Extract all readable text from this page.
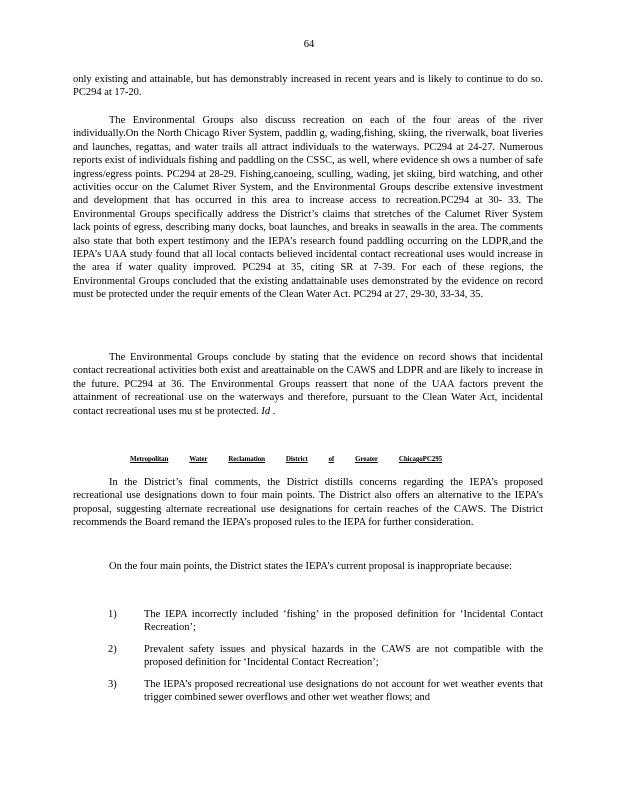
64

only existing and attainable, but has demonstrably increased in recent years and is likely to continue to do so. PC294 at 17-20.

The Environmental Groups also discuss recreation on each of the four areas of the river individually.On the North Chicago River System, paddlin g, wading,fishing, skiing, the riverwalk, boat liveries and launches, regattas, and water trails all attract individuals to the waterways. PC294 at 24-27. Numerous reports exist of individuals fishing and paddling on the CSSC, as well, where evidence sh ows a number of safe ingress/egress points. PC294 at 28-29. Fishing,canoeing, sculling, wading, jet skiing, bird watching, and other activities occur on the Calumet River System, and the Environmental Groups describe extensive investment and development that has occurred in this area to increase access to recreation.PC294 at 30- 33. The Environmental Groups specifically address the District’s claims that stretches of the Calumet River System lack points of egress, describing many docks, boat launches, and breaks in seawalls in the area. The comments also state that both expert testimony and the IEPA’s research found paddling occurring on the LDPR,and the IEPA’s UAA study found that all local contacts believed incidental contact recreational uses would increase in the area if water quality improved. PC294 at 35, citing SR at 7-39. For each of these regions, the Environmental Groups concluded that the existing andattainable uses demonstrated by the evidence on record must be protected under the requir ements of the Clean Water Act. PC294 at 27, 29-30, 33-34, 35.

The Environmental Groups conclude by stating that the evidence on record shows that incidental contact recreational activities both exist and areattainable on the CAWS and LDPR and are likely to increase in the future. PC294 at 36. The Environmental Groups reassert that none of the UAA factors prevent the attainment of recreational use on the waterways and therefore, pursuant to the Clean Water Act, incidental contact recreational uses mu st be protected. Id .

Metropolitan	Water	Reclamation	District	of	Greater	ChicagoPC295

In the District’s final comments, the District distills concerns regarding the IEPA’s proposed recreational use designations down to four main points. The District also offers an alternative to the IEPA’s proposal, suggesting alternate recreational use designations for certain reaches of the CAWS. The District recommends the Board remand the IEPA’s proposed rules to the IEPA for further consideration.

On the four main points, the District states the IEPA’s current proposal is inappropriate because:

1)	The IEPA incorrectly included ‘fishing’ in the proposed definition for ‘Incidental Contact Recreation’;
2)	Prevalent safety issues and physical hazards in the CAWS are not compatible with the proposed definition for ‘Incidental Contact Recreation’;
3)	The IEPA’s proposed recreational use designations do not account for wet weather events that trigger combined sewer overflows and other wet weather flows; and
